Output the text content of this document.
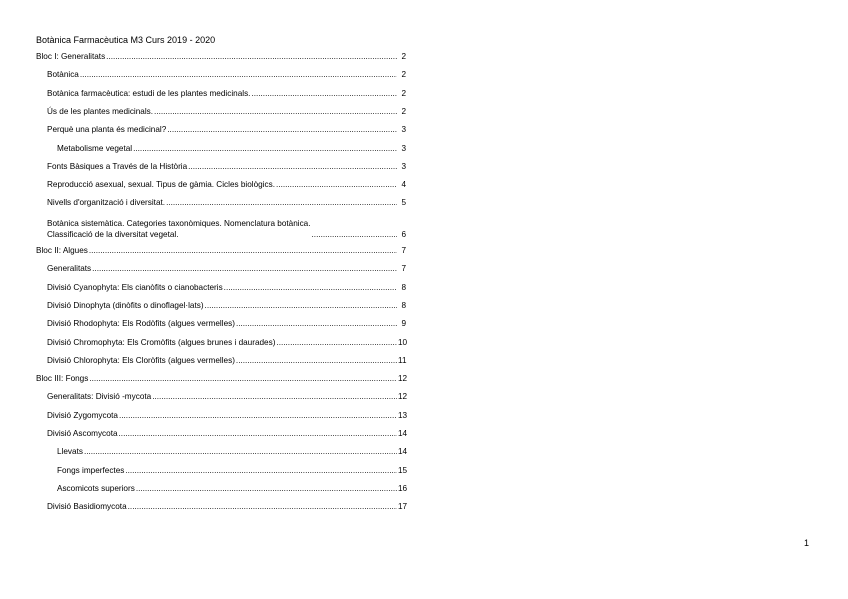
Botànica Farmacèutica M3 Curs 2019 - 2020
Bloc I: Generalitats .....	2
Botànica .....	2
Botànica farmacèutica: estudi de les plantes medicinals. .....	2
Ús de les plantes medicinals. .....	2
Perquè una planta és medicinal? .....	3
Metabolisme vegetal .....	3
Fonts Bàsiques a Través de la Història .....	3
Reproducció asexual, sexual. Tipus de gàmia. Cicles biològics. .....	4
Nivells d'organització i diversitat. .....	5
Botànica sistemàtica. Categories taxonòmiques. Nomenclatura botànica.
Classificació de la diversitat vegetal. .....	6
Bloc II: Algues .....	7
Generalitats .....	7
Divisió Cyanophyta: Els cianòfits o cianobacteris .....	8
Divisió Dinophyta (dinòfits o dinoflagel·lats) .....	8
Divisió Rhodophyta: Els Rodòfits (algues vermelles) .....	9
Divisió Chromophyta: Els Cromòfits (algues brunes i daurades) .....	10
Divisió Chlorophyta: Els Cloròfits (algues vermelles) .....	11
Bloc III: Fongs .....	12
Generalitats: Divisió -mycota .....	12
Divisió Zygomycota .....	13
Divisió Ascomycota .....	14
Llevats .....	14
Fongs imperfectes .....	15
Ascomicots superiors .....	16
Divisió Basidiomycota .....	17
1
